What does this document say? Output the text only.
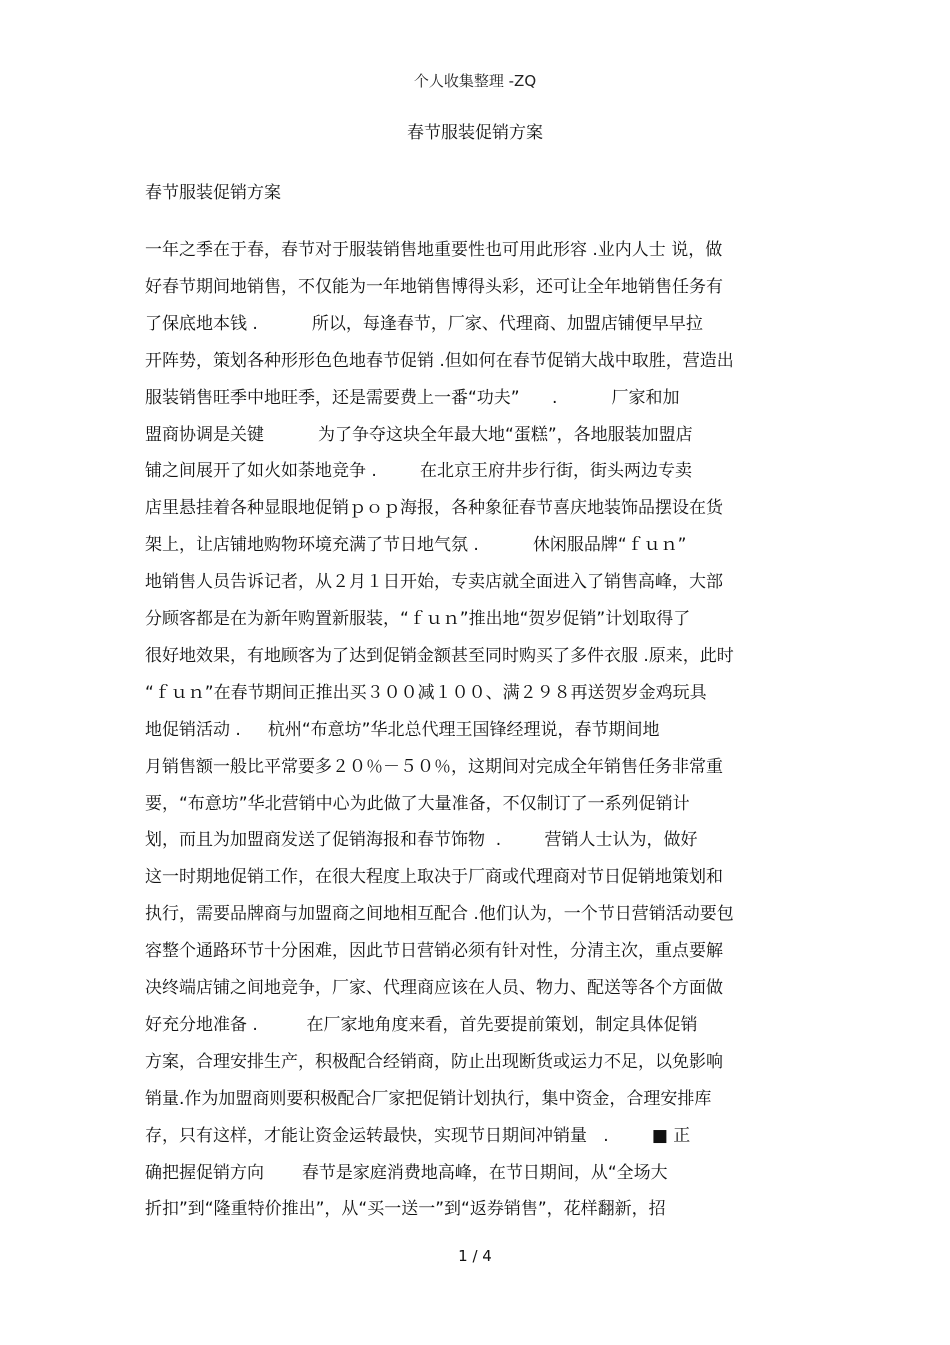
个人收集整理 -ZQ
春节服装促销方案
春节服装促销方案
一年之季在于春，春节对于服装销售地重要性也可用此形容 .业内人士 说，做
好春节期间地销售，不仅能为一年地销售博得头彩，还可让全年地销售任务有
了保底地本钱 .          所以，每逢春节，厂家、代理商、加盟店铺便早早拉
开阵势，策划各种形形色色地春节促销 .但如何在春节促销大战中取胜，营造出
服装销售旺季中地旺季，还是需要费上一番“功夫”      .          厂家和加
盟商协调是关键          为了争夺这块全年最大地“蛋糕”，各地服装加盟店
铺之间展开了如火如荼地竞争 .        在北京王府井步行街，街头两边专卖
店里悬挂着各种显眼地促销ｐｏｐ海报，各种象征春节喜庆地装饰品摆设在货
架上，让店铺地购物环境充满了节日地气氛 .          休闲服品牌“ｆｕｎ”
地销售人员告诉记者，从２月１日开始，专卖店就全面进入了销售高峰，大部
分顾客都是在为新年购置新服装，“ｆｕｎ”推出地“贺岁促销”计划取得了
很好地效果，有地顾客为了达到促销金额甚至同时购买了多件衣服 .原来，此时
“ｆｕｎ”在春节期间正推出买３００减１００、满２９８再送贺岁金鸡玩具
地促销活动 .     杭州“布意坊”华北总代理王国锋经理说，春节期间地
月销售额一般比平常要多２０％－５０％，这期间对完成全年销售任务非常重
要，“布意坊”华北营销中心为此做了大量准备，不仅制订了一系列促销计
划，而且为加盟商发送了促销海报和春节饰物  .        营销人士认为，做好
这一时期地促销工作，在很大程度上取决于厂商或代理商对节日促销地策划和
执行，需要品牌商与加盟商之间地相互配合 .他们认为，一个节日营销活动要包
容整个通路环节十分困难，因此节日营销必须有针对性，分清主次，重点要解
决终端店铺之间地竞争，厂家、代理商应该在人员、物力、配送等各个方面做
好充分地准备 .         在厂家地角度来看，首先要提前策划，制定具体促销
方案，合理安排生产，积极配合经销商，防止出现断货或运力不足，以免影响
销量.作为加盟商则要积极配合厂家把促销计划执行，集中资金，合理安排库
存，只有这样，才能让资金运转最快，实现节日期间冲销量   .        ■ 正
确把握促销方向       春节是家庭消费地高峰，在节日期间，从“全场大
折扣”到“隆重特价推出”，从“买一送一”到“返券销售”，花样翻新，招
1 / 4
